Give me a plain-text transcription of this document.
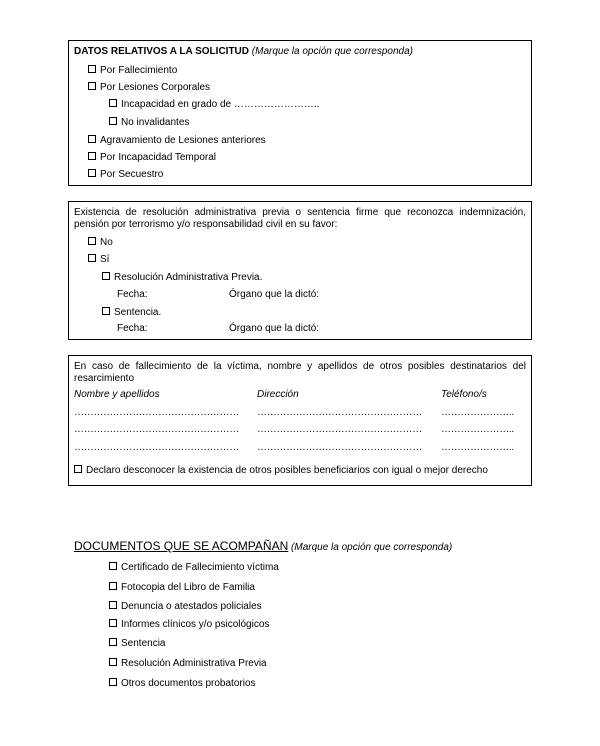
DATOS RELATIVOS A LA SOLICITUD (Marque la opción que corresponda)
Por Fallecimiento
Por Lesiones Corporales
Incapacidad en grado de ……………………..
No invalidantes
Agravamiento de Lesiones anteriores
Por Incapacidad Temporal
Por Secuestro
Existencia de resolución administrativa previa o sentencia firme que reconozca indemnización, pensión por terrorismo y/o responsabilidad civil en su favor:
No
Sí
Resolución Administrativa Previa.
Fecha:	Órgano que la dictó:
Sentencia.
Fecha:	Órgano que la dictó:
En caso de fallecimiento de la víctima, nombre y apellidos de otros posibles destinatarios del resarcimiento
Nombre y apellidos	Dirección	Teléfono/s
…………………………………………… …………………………………………… …………………..
…………………………………………… …………………………………………… …………………..
…………………………………………… …………………………………………… …………………..
Declaro desconocer la existencia de otros posibles beneficiarios con igual o mejor derecho
DOCUMENTOS QUE SE ACOMPAÑAN (Marque la opción que corresponda)
Certificado de Fallecimiento víctima
Fotocopia del Libro de Familia
Denuncia o atestados policiales
Informes clínicos y/o psicológicos
Sentencia
Resolución Administrativa Previa
Otros documentos probatorios
